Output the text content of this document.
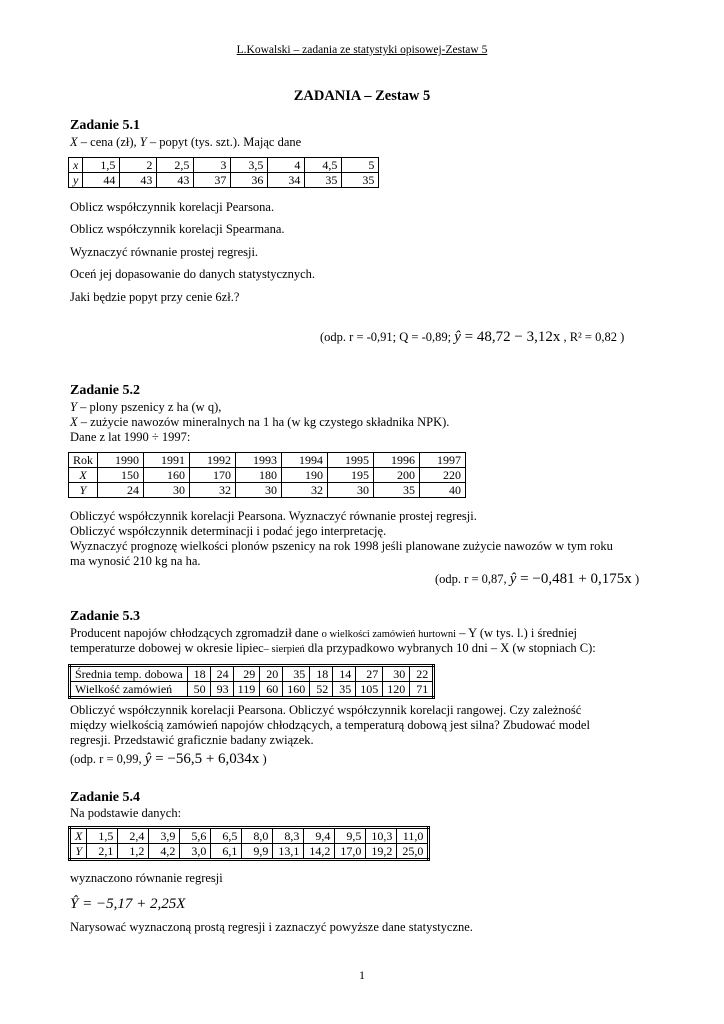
L.Kowalski – zadania ze statystyki opisowej-Zestaw 5
ZADANIA – Zestaw 5
Zadanie 5.1
X – cena (zł), Y – popyt (tys. szt.). Mając dane
x	1,5	2	2,5	3	3,5	4	4,5	5
y	44	43	43	37	36	34	35	35
Oblicz współczynnik korelacji Pearsona.
Oblicz współczynnik korelacji Spearmana.
Wyznaczyć równanie prostej regresji.
Oceń jej dopasowanie do danych statystycznych.
Jaki będzie popyt przy cenie 6zł.?
(odp. r = -0,91; Q = -0,89; ŷ = 48,72 − 3,12x , R² = 0,82 )
Zadanie 5.2
Y – plony pszenicy z ha (w q),
X – zużycie nawozów mineralnych na 1 ha (w kg czystego składnika NPK).
Dane z lat 1990 ÷ 1997:
Rok	1990	1991	1992	1993	1994	1995	1996	1997
X	150	160	170	180	190	195	200	220
Y	24	30	32	30	32	30	35	40
Obliczyć współczynnik korelacji Pearsona. Wyznaczyć równanie prostej regresji.
Obliczyć współczynnik determinacji i podać jego interpretację.
Wyznaczyć prognozę wielkości plonów pszenicy na rok 1998 jeśli planowane zużycie nawozów w tym roku
ma wynosić 210 kg na ha.
(odp. r = 0,87, ŷ = −0,481 + 0,175x )
Zadanie 5.3
Producent napojów chłodzących zgromadził dane o wielkości zamówień hurtowni – Y (w tys. l.) i średniej
temperaturze dobowej w okresie lipiec– sierpień dla przypadkowo wybranych 10 dni – X (w stopniach C):
Średnia temp. dobowa	18	24	29	20	35	18	14	27	30	22
Wielkość zamówień	50	93	119	60	160	52	35	105	120	71
Obliczyć współczynnik korelacji Pearsona. Obliczyć współczynnik korelacji rangowej. Czy zależność
między wielkością zamówień napojów chłodzących, a temperaturą dobową jest silna? Zbudować model
regresji. Przedstawić graficznie badany związek.
(odp. r = 0,99, ŷ = −56,5 + 6,034x )
Zadanie 5.4
Na podstawie danych:
X	1,5	2,4	3,9	5,6	6,5	8,0	8,3	9,4	9,5	10,3	11,0
Y	2,1	1,2	4,2	3,0	6,1	9,9	13,1	14,2	17,0	19,2	25,0
wyznaczono równanie regresji
Ŷ = −5,17 + 2,25X
Narysować wyznaczoną prostą regresji i zaznaczyć powyższe dane statystyczne.
1
